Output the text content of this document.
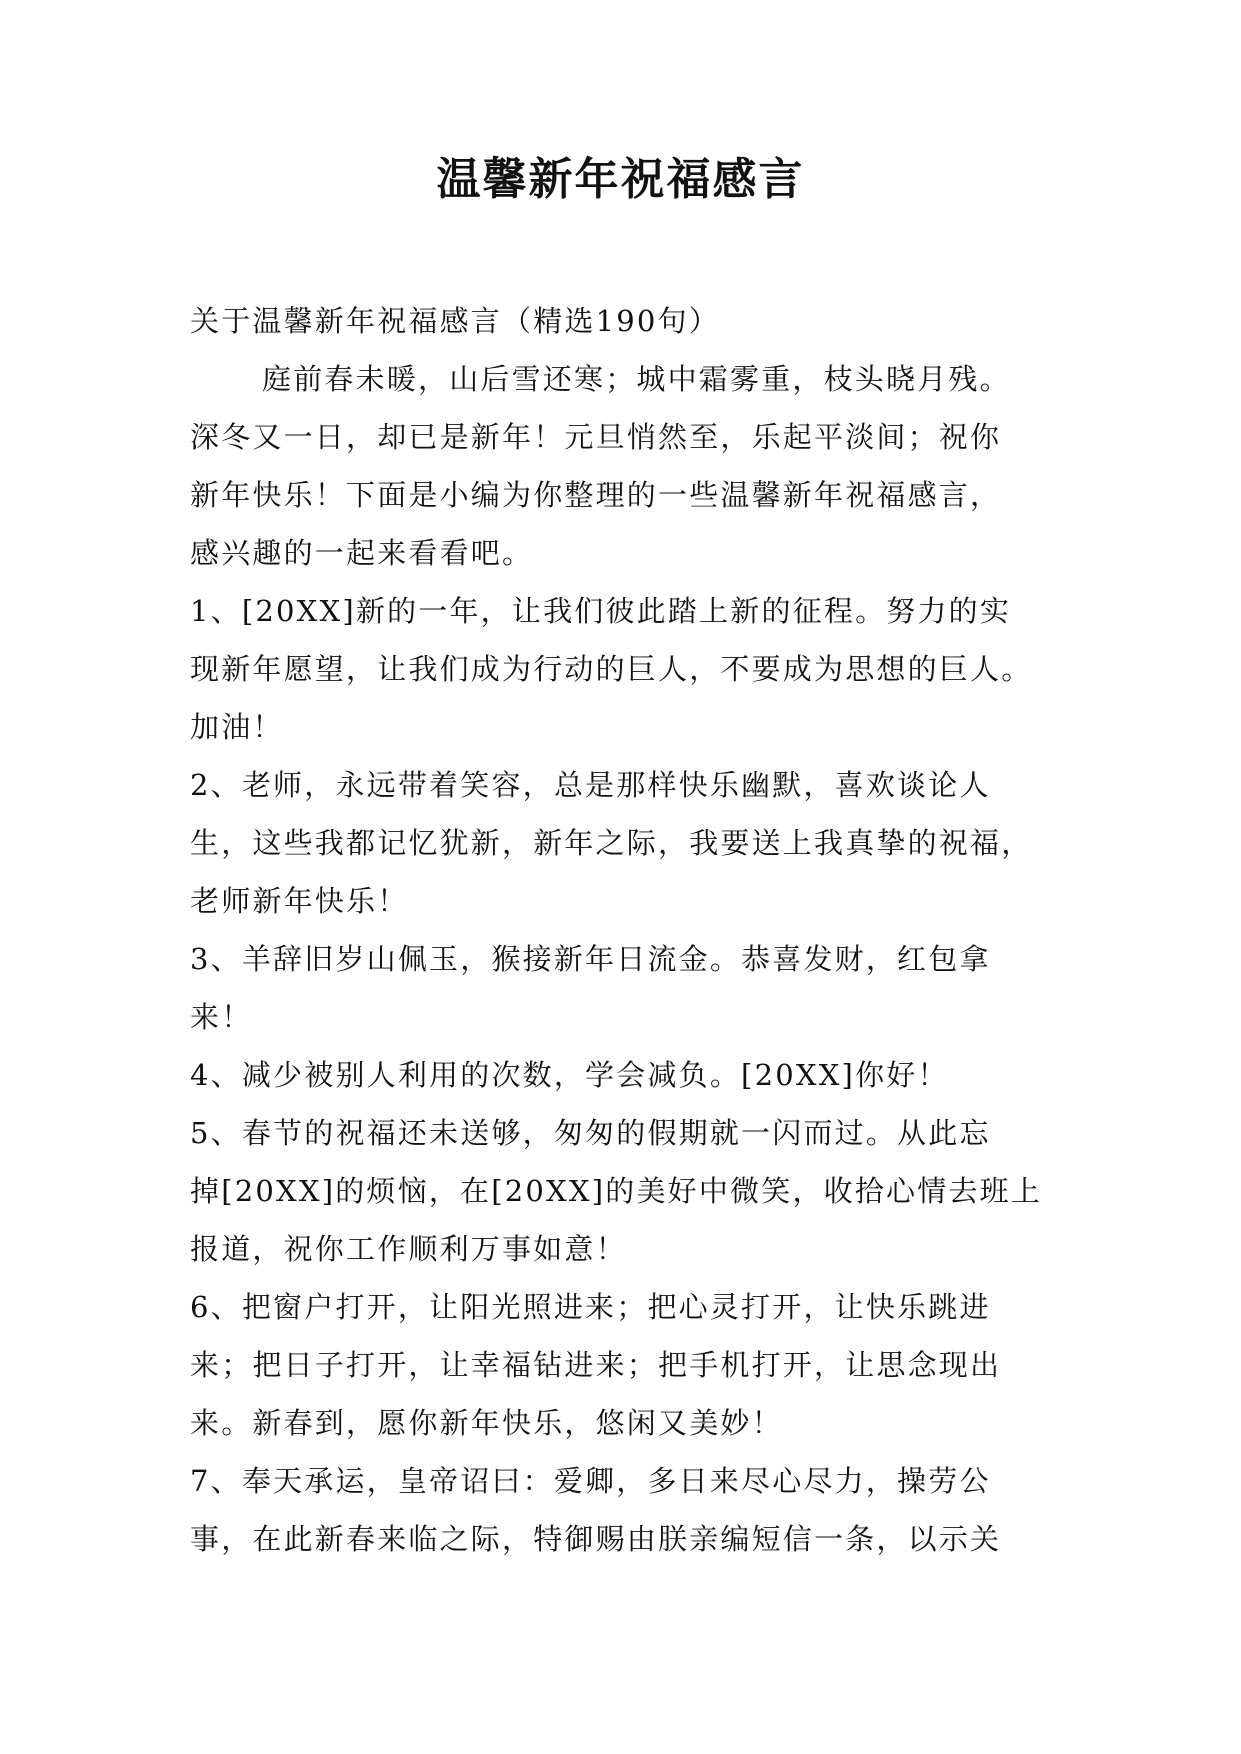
温馨新年祝福感言
关于温馨新年祝福感言（精选190句）
庭前春未暖，山后雪还寒；城中霜雾重，枝头晓月残。
深冬又一日，却已是新年！元旦悄然至，乐起平淡间；祝你
新年快乐！下面是小编为你整理的一些温馨新年祝福感言，
感兴趣的一起来看看吧。
1、[20XX]新的一年，让我们彼此踏上新的征程。努力的实
现新年愿望，让我们成为行动的巨人，不要成为思想的巨人。
加油！
2、老师，永远带着笑容，总是那样快乐幽默，喜欢谈论人
生，这些我都记忆犹新，新年之际，我要送上我真挚的祝福，
老师新年快乐！
3、羊辞旧岁山佩玉，猴接新年日流金。恭喜发财，红包拿
来！
4、减少被别人利用的次数，学会减负。[20XX]你好！
5、春节的祝福还未送够，匆匆的假期就一闪而过。从此忘
掉[20XX]的烦恼，在[20XX]的美好中微笑，收拾心情去班上
报道，祝你工作顺利万事如意！
6、把窗户打开，让阳光照进来；把心灵打开，让快乐跳进
来；把日子打开，让幸福钻进来；把手机打开，让思念现出
来。新春到，愿你新年快乐，悠闲又美妙！
7、奉天承运，皇帝诏曰：爱卿，多日来尽心尽力，操劳公
事，在此新春来临之际，特御赐由朕亲编短信一条，以示关
